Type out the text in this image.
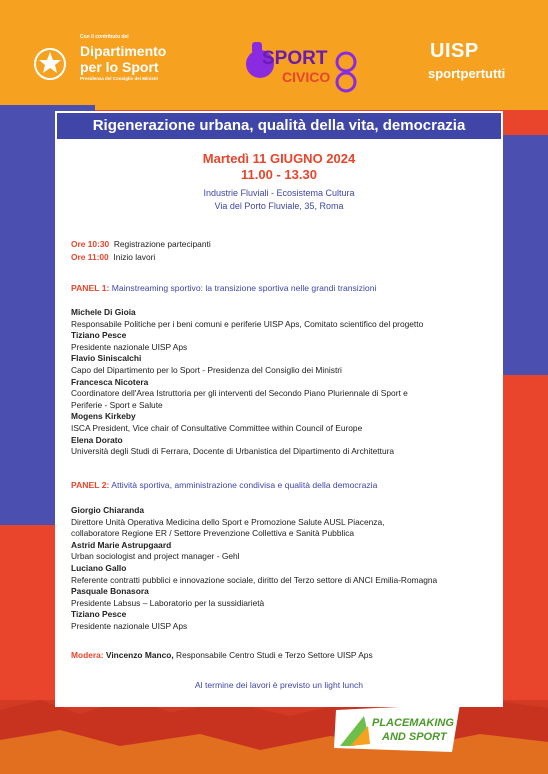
Con il contributo del
Dipartimento
per lo Sport
Presidenza del Consiglio dei Ministri
SPORT
CIVICO
UISP
sportpertutti
Rigenerazione urbana, qualità della vita, democrazia
Martedì 11 GIUGNO 2024
11.00 - 13.30
Industrie Fluviali - Ecosistema Cultura
Via del Porto Fluviale, 35, Roma
Ore 10:30 Registrazione partecipanti
Ore 11:00 Inizio lavori
PANEL 1: Mainstreaming sportivo: la transizione sportiva nelle grandi transizioni
Michele Di Gioia
Responsabile Politiche per i beni comuni e periferie UISP Aps, Comitato scientifico del progetto
Tiziano Pesce
Presidente nazionale UISP Aps
Flavio Siniscalchi
Capo del Dipartimento per lo Sport - Presidenza del Consiglio dei Ministri
Francesca Nicotera
Coordinatore dell'Area Istruttoria per gli interventi del Secondo Piano Pluriennale di Sport e
Periferie - Sport e Salute
Mogens Kirkeby
ISCA President, Vice chair of Consultative Committee within Council of Europe
Elena Dorato
Università degli Studi di Ferrara, Docente di Urbanistica del Dipartimento di Architettura
PANEL 2: Attività sportiva, amministrazione condivisa e qualità della democrazia
Giorgio Chiaranda
Direttore Unità Operativa Medicina dello Sport e Promozione Salute AUSL Piacenza,
collaboratore Regione ER / Settore Prevenzione Collettiva e Sanità Pubblica
Astrid Marie Astrupgaard
Urban sociologist and project manager - Gehl
Luciano Gallo
Referente contratti pubblici e innovazione sociale, diritto del Terzo settore di ANCI Emilia-Romagna
Pasquale Bonasora
Presidente Labsus – Laboratorio per la sussidiarietà
Tiziano Pesce
Presidente nazionale UISP Aps
Modera: Vincenzo Manco, Responsabile Centro Studi e Terzo Settore UISP Aps
Al termine dei lavori è previsto un light lunch
PLACEMAKING
AND SPORT
